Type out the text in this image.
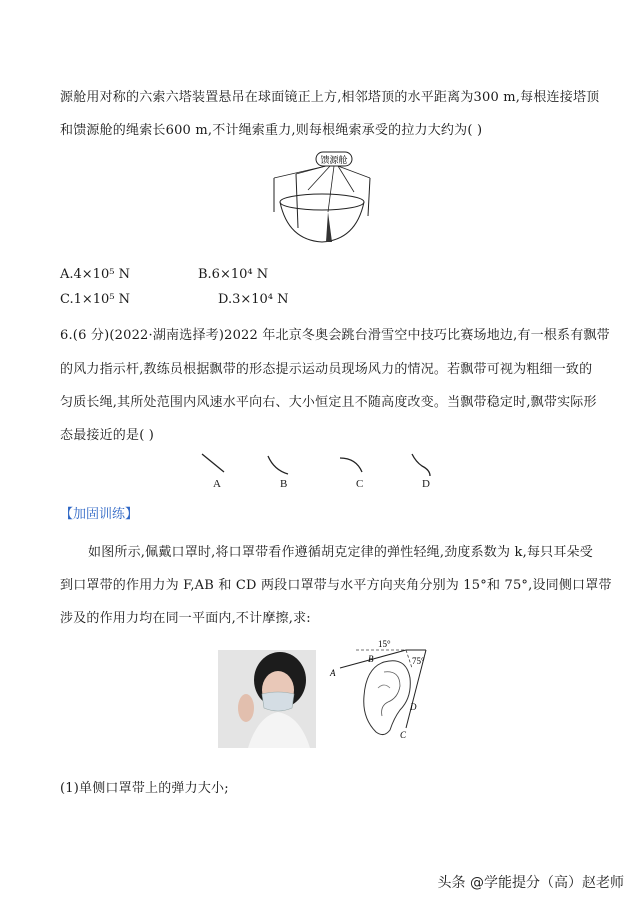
源舱用对称的六索六塔装置悬吊在球面镜正上方,相邻塔顶的水平距离为300 m,每根连接塔顶
和馈源舱的绳索长600 m,不计绳索重力,则每根绳索承受的拉力大约为( )
馈源舱
A.4×10⁵ N	B.6×10⁴ N
C.1×10⁵ N	D.3×10⁴ N
6.(6 分)(2022·湖南选择考)2022 年北京冬奥会跳台滑雪空中技巧比赛场地边,有一根系有飘带
的风力指示杆,教练员根据飘带的形态提示运动员现场风力的情况。若飘带可视为粗细一致的
匀质长绳,其所处范围内风速水平向右、大小恒定且不随高度改变。当飘带稳定时,飘带实际形
态最接近的是( )
A	B	C	D
【加固训练】
如图所示,佩戴口罩时,将口罩带看作遵循胡克定律的弹性轻绳,劲度系数为 k,每只耳朵受
到口罩带的作用力为 F,AB 和 CD 两段口罩带与水平方向夹角分别为 15°和 75°,设同侧口罩带
涉及的作用力均在同一平面内,不计摩擦,求:
15°
75°
A
B
D
C
(1)单侧口罩带上的弹力大小;
头条 @学能提分（高）赵老师
